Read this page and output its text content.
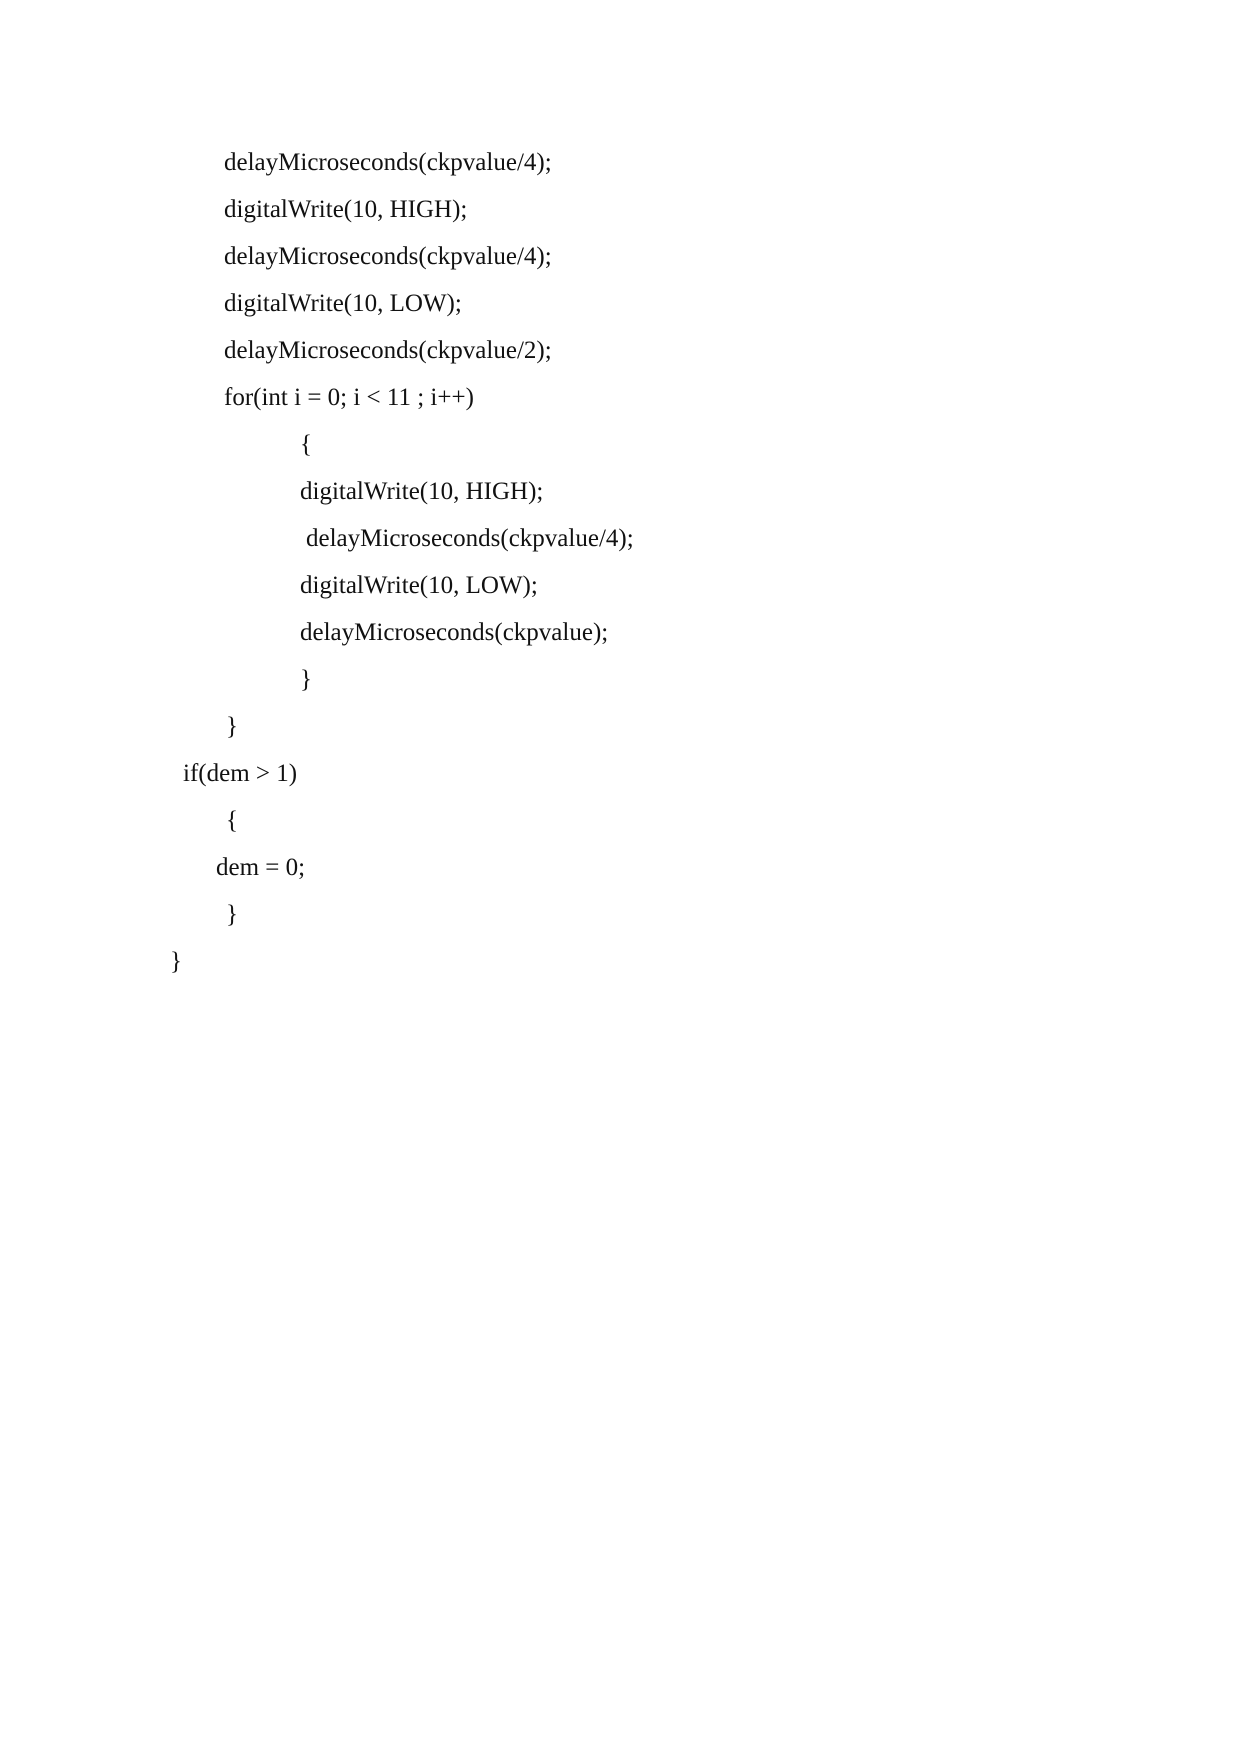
delayMicroseconds(ckpvalue/4);
digitalWrite(10, HIGH);
delayMicroseconds(ckpvalue/4);
digitalWrite(10, LOW);
delayMicroseconds(ckpvalue/2);
for(int i = 0; i < 11 ; i++)
{
digitalWrite(10, HIGH);
delayMicroseconds(ckpvalue/4);
digitalWrite(10, LOW);
delayMicroseconds(ckpvalue);
}
}
if(dem > 1)
{
dem = 0;
}
}
